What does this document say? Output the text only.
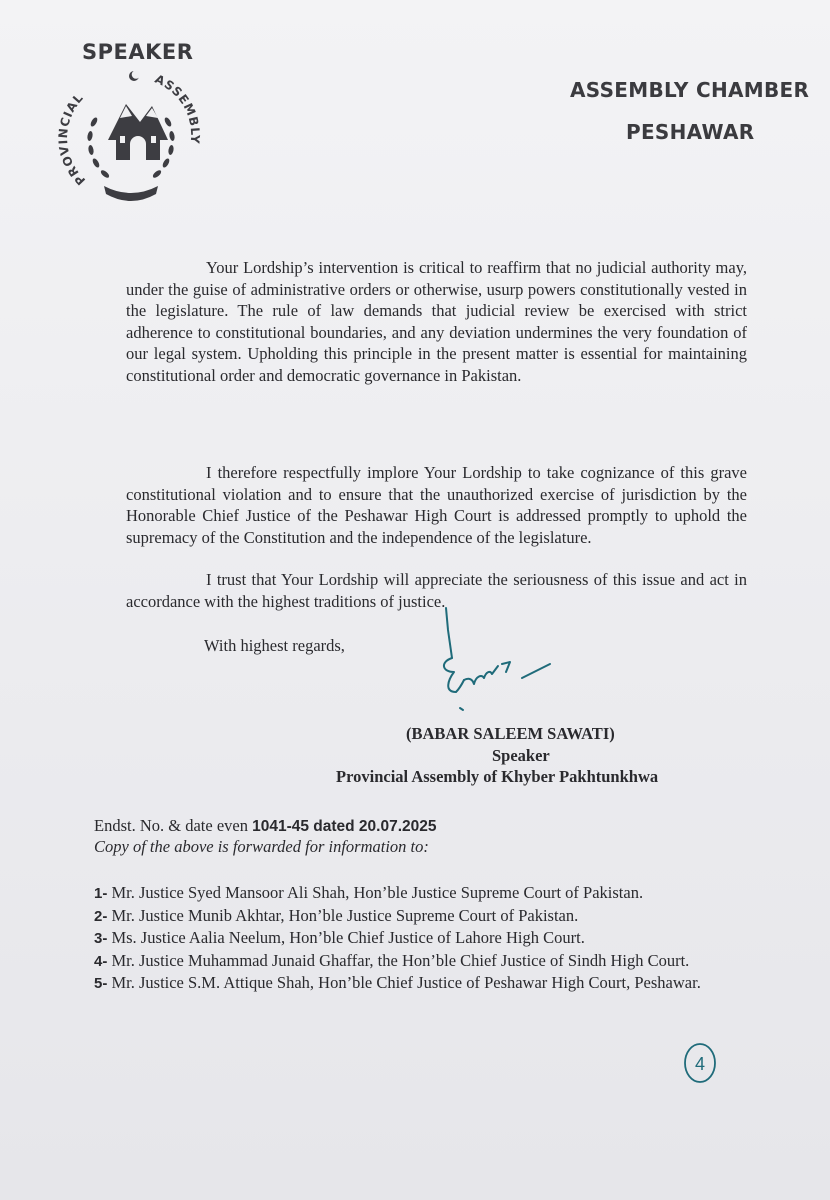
SPEAKER
PROVINCIAL
ASSEMBLY
ASSEMBLY CHAMBER
PESHAWAR
Your Lordship’s intervention is critical to reaffirm that no judicial authority may, under the guise of administrative orders or otherwise, usurp powers constitutionally vested in the legislature. The rule of law demands that judicial review be exercised with strict adherence to constitutional boundaries, and any deviation undermines the very foundation of our legal system. Upholding this principle in the present matter is essential for maintaining constitutional order and democratic governance in Pakistan.
I therefore respectfully implore Your Lordship to take cognizance of this grave constitutional violation and to ensure that the unauthorized exercise of jurisdiction by the Honorable Chief Justice of the Peshawar High Court is addressed promptly to uphold the supremacy of the Constitution and the independence of the legislature.
I trust that Your Lordship will appreciate the seriousness of this issue and act in accordance with the highest traditions of justice.
With highest regards,
(BABAR SALEEM SAWATI)
Speaker
Provincial Assembly of Khyber Pakhtunkhwa
Endst. No. & date even 1041-45 dated 20.07.2025
Copy of the above is forwarded for information to:
1- Mr. Justice Syed Mansoor Ali Shah, Hon’ble Justice Supreme Court of Pakistan.
2- Mr. Justice Munib Akhtar, Hon’ble Justice Supreme Court of Pakistan.
3- Ms. Justice Aalia Neelum, Hon’ble Chief Justice of Lahore High Court.
4- Mr. Justice Muhammad Junaid Ghaffar, the Hon’ble Chief Justice of Sindh High Court.
5- Mr. Justice S.M. Attique Shah, Hon’ble Chief Justice of Peshawar High Court, Peshawar.
4
